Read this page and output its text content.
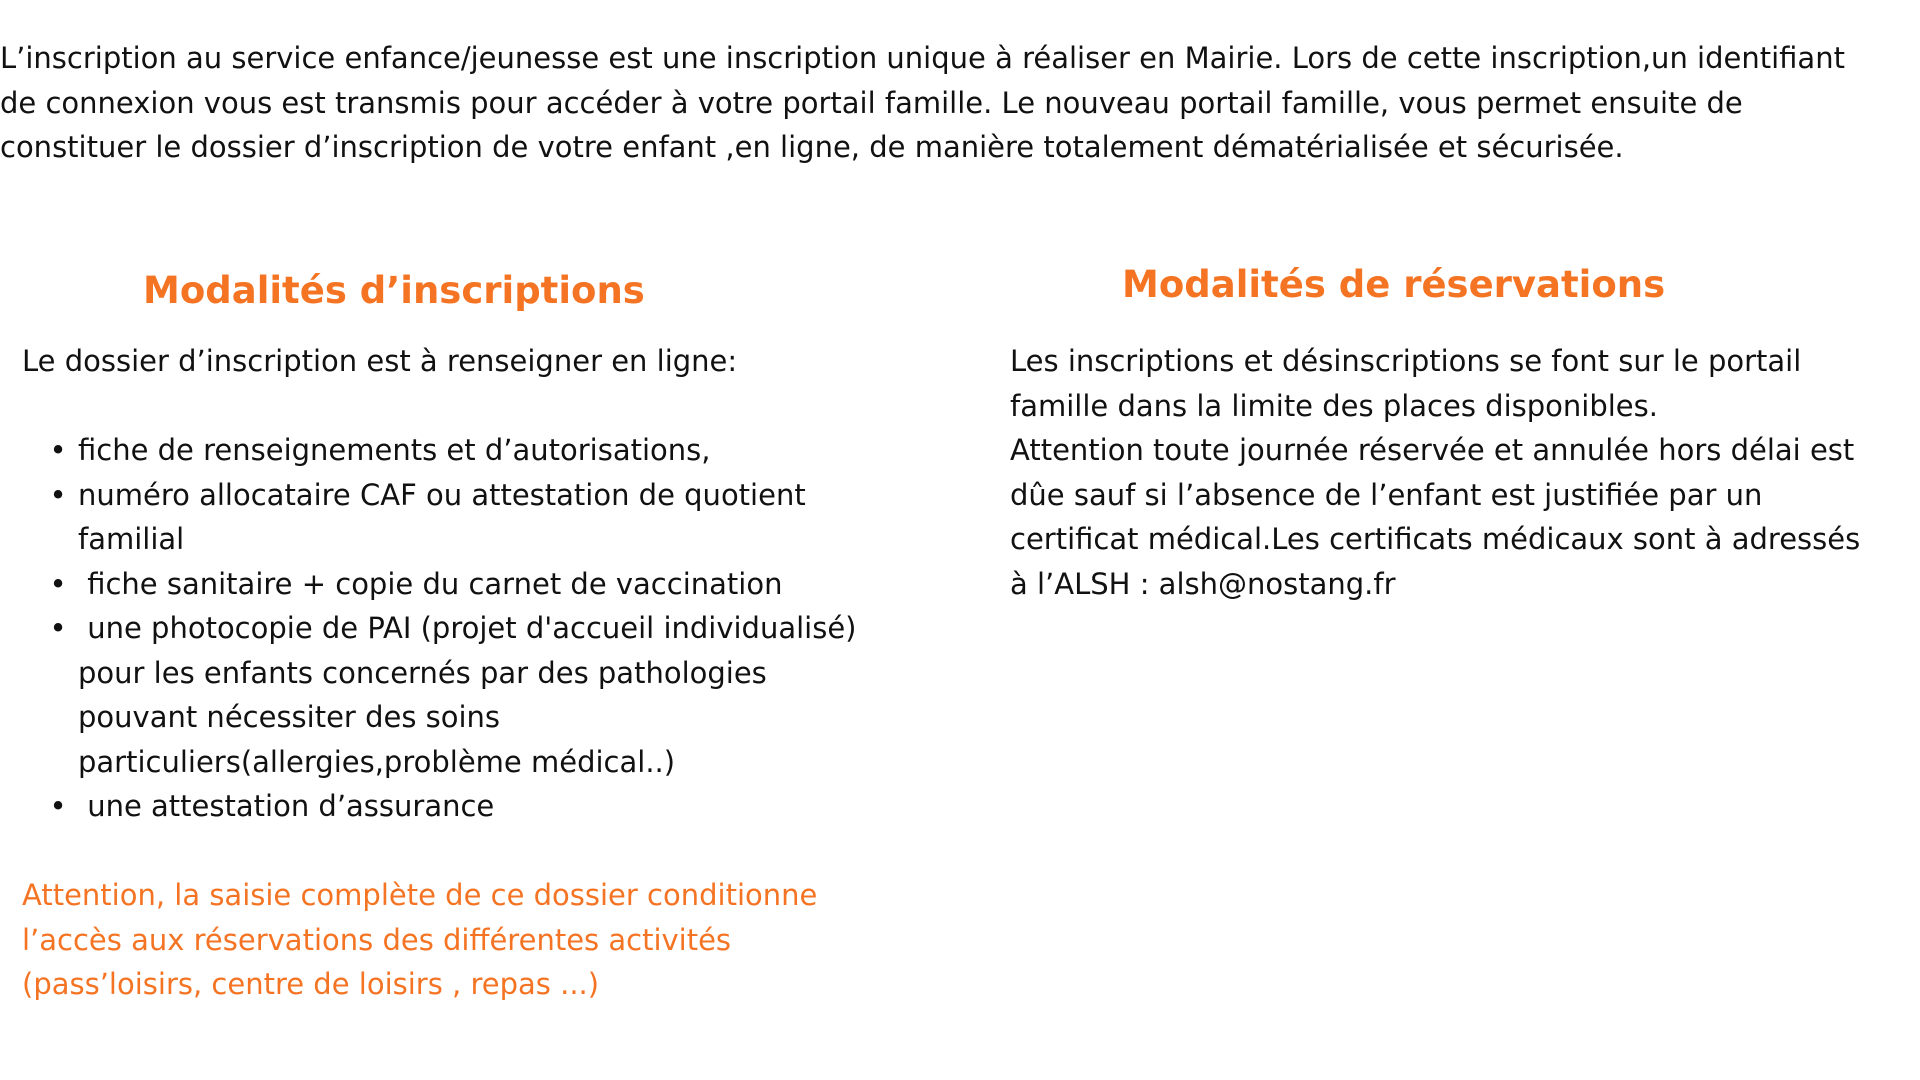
L’inscription au service enfance/jeunesse est une inscription unique à réaliser en Mairie. Lors de cette inscription,un identifiant
de connexion vous est transmis pour accéder à votre portail famille. Le nouveau portail famille, vous permet ensuite de
constituer le dossier d’inscription de votre enfant ,en ligne, de manière totalement dématérialisée et sécurisée.

Modalités d’inscriptions

Le dossier d’inscription est à renseigner en ligne:

• fiche de renseignements et d’autorisations,
• numéro allocataire CAF ou attestation de quotient
familial
• fiche sanitaire + copie du carnet de vaccination
• une photocopie de PAI (projet d'accueil individualisé)
pour les enfants concernés par des pathologies
pouvant nécessiter des soins
particuliers(allergies,problème médical..)
• une attestation d’assurance

Attention, la saisie complète de ce dossier conditionne
l’accès aux réservations des différentes activités
(pass’loisirs, centre de loisirs , repas ...)

Modalités de réservations

Les inscriptions et désinscriptions se font sur le portail
famille dans la limite des places disponibles.
Attention toute journée réservée et annulée hors délai est
dûe sauf si l’absence de l’enfant est justifiée par un
certificat médical.Les certificats médicaux sont à adressés
à l’ALSH : alsh@nostang.fr
